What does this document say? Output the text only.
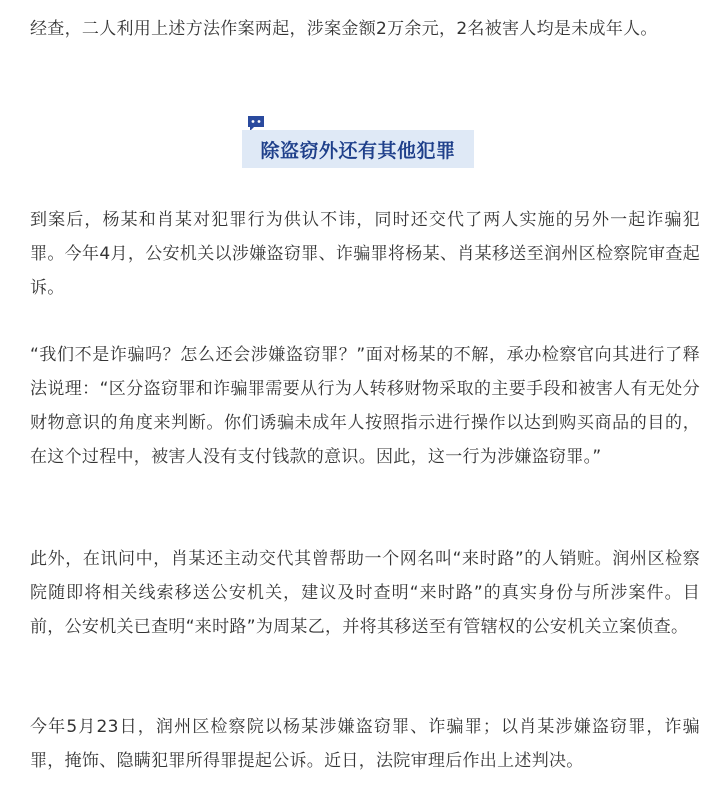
经查，二人利用上述方法作案两起，涉案金额2万余元，2名被害人均是未成年人。

除盗窃外还有其他犯罪

到案后，杨某和肖某对犯罪行为供认不讳，同时还交代了两人实施的另外一起诈骗犯罪。今年4月，公安机关以涉嫌盗窃罪、诈骗罪将杨某、肖某移送至润州区检察院审查起诉。

“我们不是诈骗吗？怎么还会涉嫌盗窃罪？”面对杨某的不解，承办检察官向其进行了释法说理：“区分盗窃罪和诈骗罪需要从行为人转移财物采取的主要手段和被害人有无处分财物意识的角度来判断。你们诱骗未成年人按照指示进行操作以达到购买商品的目的，在这个过程中，被害人没有支付钱款的意识。因此，这一行为涉嫌盗窃罪。”

此外，在讯问中，肖某还主动交代其曾帮助一个网名叫“来时路”的人销赃。润州区检察院随即将相关线索移送公安机关，建议及时查明“来时路”的真实身份与所涉案件。目前，公安机关已查明“来时路”为周某乙，并将其移送至有管辖权的公安机关立案侦查。

今年5月23日，润州区检察院以杨某涉嫌盗窃罪、诈骗罪；以肖某涉嫌盗窃罪，诈骗罪，掩饰、隐瞒犯罪所得罪提起公诉。近日，法院审理后作出上述判决。
